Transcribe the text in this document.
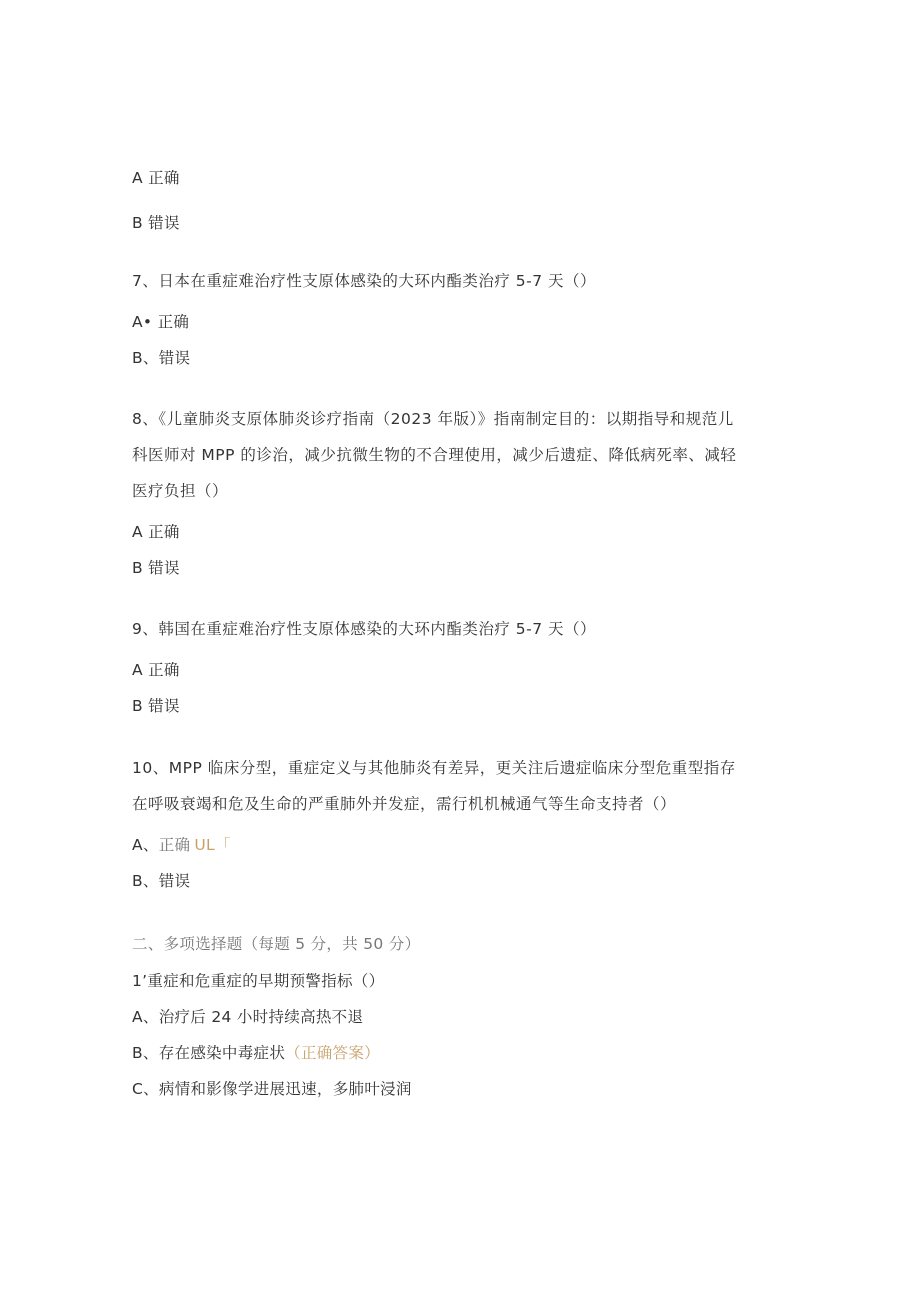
A 正确
B 错误
7、日本在重症难治疗性支原体感染的大环内酯类治疗 5-7 天（）
A• 正确
B、错误
8、《儿童肺炎支原体肺炎诊疗指南（2023 年版）》指南制定目的：以期指导和规范儿
科医师对 MPP 的诊治，减少抗微生物的不合理使用，减少后遗症、降低病死率、减轻
医疗负担（）
A 正确
B 错误
9、韩国在重症难治疗性支原体感染的大环内酯类治疗 5-7 天（）
A 正确
B 错误
10、MPP 临床分型，重症定义与其他肺炎有差异，更关注后遗症临床分型危重型指存
在呼吸衰竭和危及生命的严重肺外并发症，需行机机械通气等生命支持者（）
A、正确 UL「
B、错误
二、多项选择题（每题 5 分，共 50 分）
1’重症和危重症的早期预警指标（）
A、治疗后 24 小时持续高热不退
B、存在感染中毒症状（正确答案）
C、病情和影像学进展迅速，多肺叶浸润
